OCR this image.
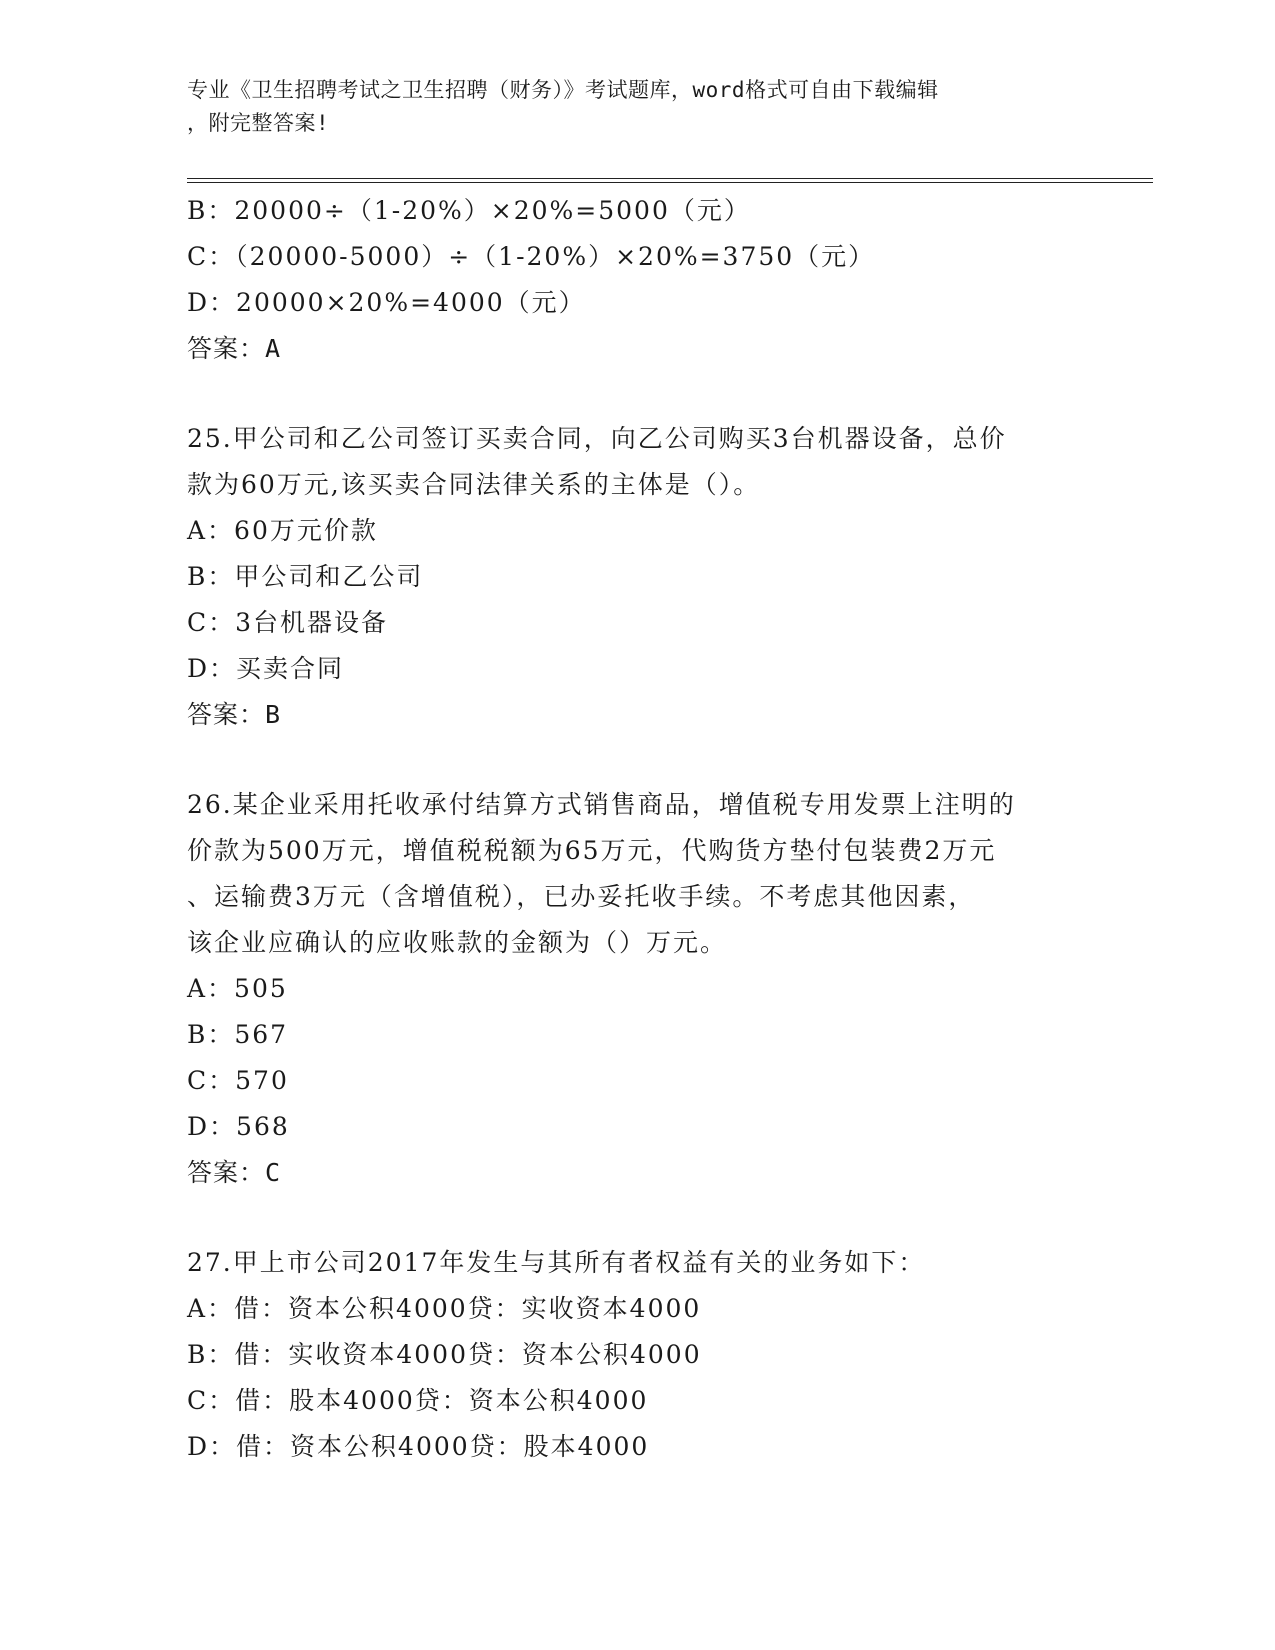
专业《卫生招聘考试之卫生招聘（财务）》考试题库，word格式可自由下载编辑
，附完整答案!
B：20000÷（1-20%）×20%=5000（元）
C：（20000-5000）÷（1-20%）×20%=3750（元）
D：20000×20%=4000（元）
答案：A
25.甲公司和乙公司签订买卖合同，向乙公司购买3台机器设备，总价
款为60万元,该买卖合同法律关系的主体是（）。
A：60万元价款
B：甲公司和乙公司
C：3台机器设备
D：买卖合同
答案：B
26.某企业采用托收承付结算方式销售商品，增值税专用发票上注明的
价款为500万元，增值税税额为65万元，代购货方垫付包装费2万元
、运输费3万元（含增值税），已办妥托收手续。不考虑其他因素，
该企业应确认的应收账款的金额为（）万元。
A：505
B：567
C：570
D：568
答案：C
27.甲上市公司2017年发生与其所有者权益有关的业务如下：
A：借：资本公积4000贷：实收资本4000
B：借：实收资本4000贷：资本公积4000
C：借：股本4000贷：资本公积4000
D：借：资本公积4000贷：股本4000
